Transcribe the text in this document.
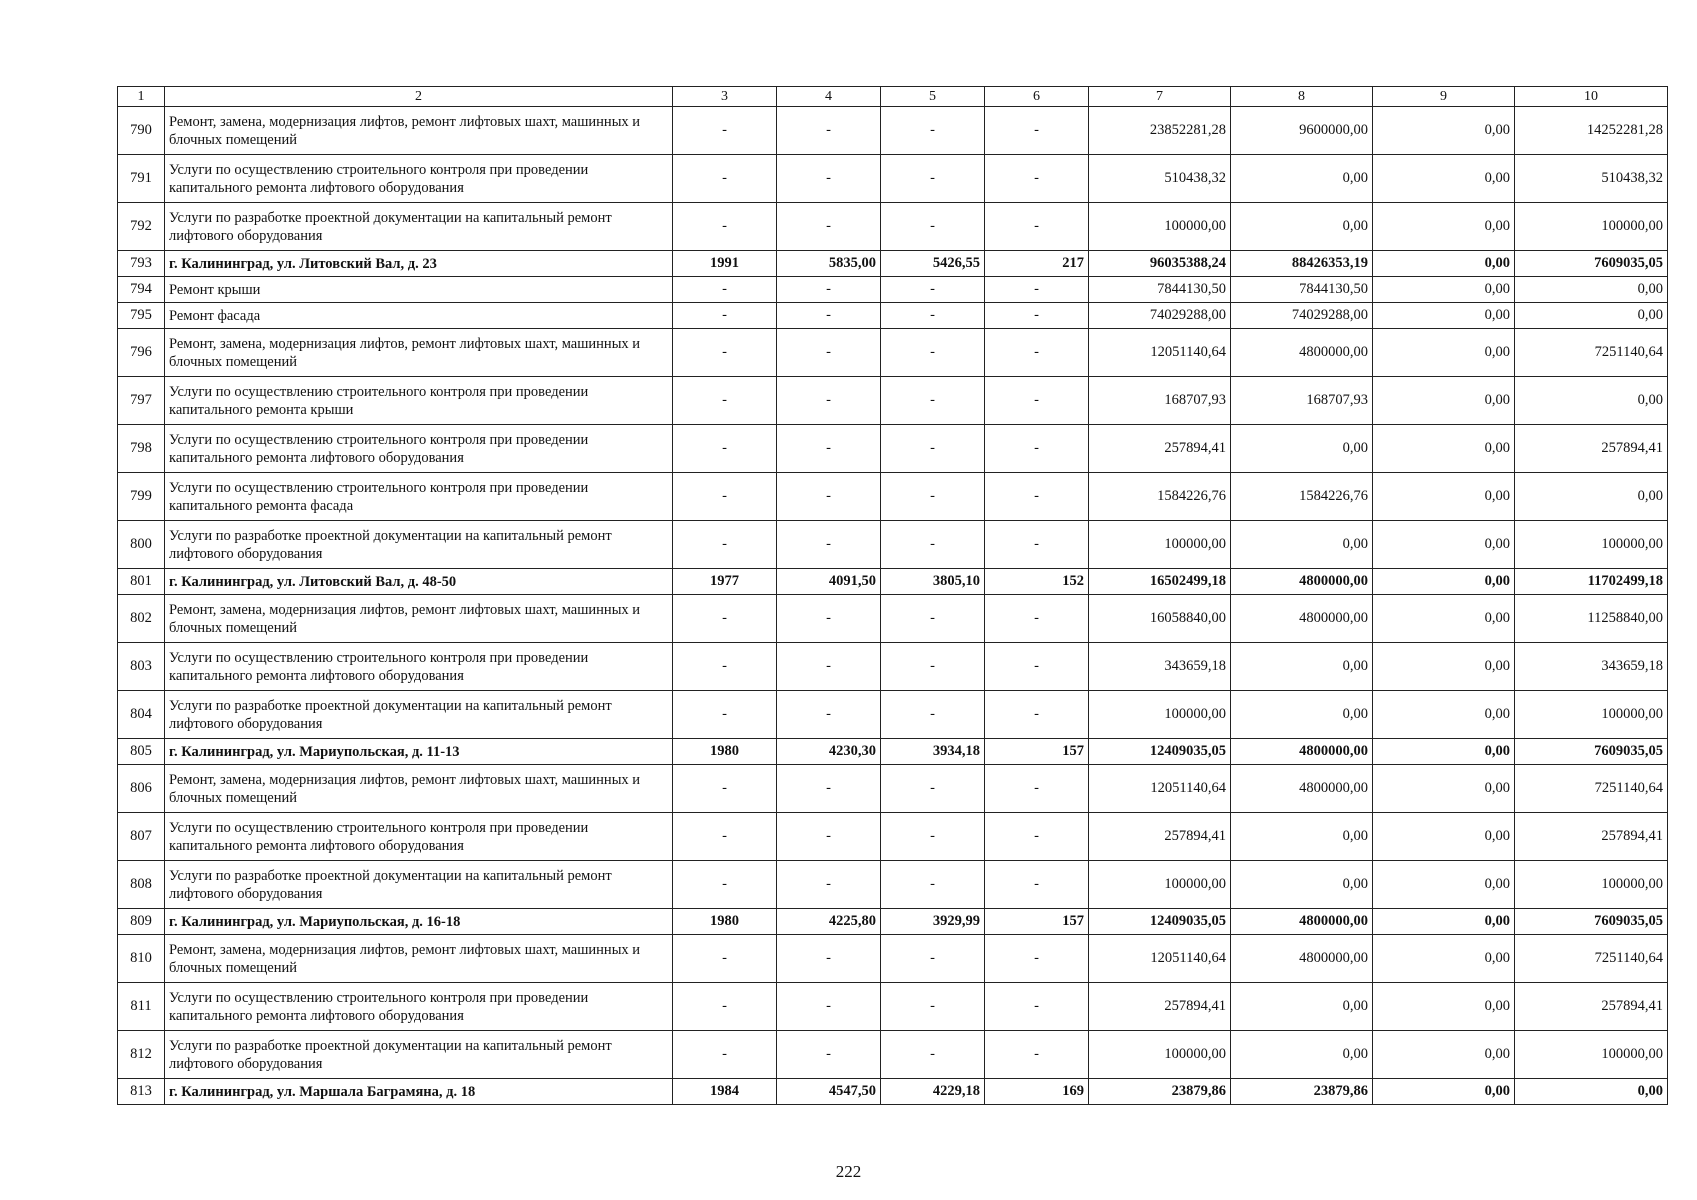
1	2	3	4	5	6	7	8	9	10
790	Ремонт, замена, модернизация лифтов, ремонт лифтовых шахт, машинных и блочных помещений	-	-	-	-	23852281,28	9600000,00	0,00	14252281,28
791	Услуги по осуществлению строительного контроля при проведении капитального ремонта лифтового оборудования	-	-	-	-	510438,32	0,00	0,00	510438,32
792	Услуги по разработке проектной документации на капитальный ремонт лифтового оборудования	-	-	-	-	100000,00	0,00	0,00	100000,00
793	г. Калининград, ул. Литовский Вал, д. 23	1991	5835,00	5426,55	217	96035388,24	88426353,19	0,00	7609035,05
794	Ремонт крыши	-	-	-	-	7844130,50	7844130,50	0,00	0,00
795	Ремонт фасада	-	-	-	-	74029288,00	74029288,00	0,00	0,00
796	Ремонт, замена, модернизация лифтов, ремонт лифтовых шахт, машинных и блочных помещений	-	-	-	-	12051140,64	4800000,00	0,00	7251140,64
797	Услуги по осуществлению строительного контроля при проведении капитального ремонта крыши	-	-	-	-	168707,93	168707,93	0,00	0,00
798	Услуги по осуществлению строительного контроля при проведении капитального ремонта лифтового оборудования	-	-	-	-	257894,41	0,00	0,00	257894,41
799	Услуги по осуществлению строительного контроля при проведении капитального ремонта фасада	-	-	-	-	1584226,76	1584226,76	0,00	0,00
800	Услуги по разработке проектной документации на капитальный ремонт лифтового оборудования	-	-	-	-	100000,00	0,00	0,00	100000,00
801	г. Калининград, ул. Литовский Вал, д. 48-50	1977	4091,50	3805,10	152	16502499,18	4800000,00	0,00	11702499,18
802	Ремонт, замена, модернизация лифтов, ремонт лифтовых шахт, машинных и блочных помещений	-	-	-	-	16058840,00	4800000,00	0,00	11258840,00
803	Услуги по осуществлению строительного контроля при проведении капитального ремонта лифтового оборудования	-	-	-	-	343659,18	0,00	0,00	343659,18
804	Услуги по разработке проектной документации на капитальный ремонт лифтового оборудования	-	-	-	-	100000,00	0,00	0,00	100000,00
805	г. Калининград, ул. Мариупольская, д. 11-13	1980	4230,30	3934,18	157	12409035,05	4800000,00	0,00	7609035,05
806	Ремонт, замена, модернизация лифтов, ремонт лифтовых шахт, машинных и блочных помещений	-	-	-	-	12051140,64	4800000,00	0,00	7251140,64
807	Услуги по осуществлению строительного контроля при проведении капитального ремонта лифтового оборудования	-	-	-	-	257894,41	0,00	0,00	257894,41
808	Услуги по разработке проектной документации на капитальный ремонт лифтового оборудования	-	-	-	-	100000,00	0,00	0,00	100000,00
809	г. Калининград, ул. Мариупольская, д. 16-18	1980	4225,80	3929,99	157	12409035,05	4800000,00	0,00	7609035,05
810	Ремонт, замена, модернизация лифтов, ремонт лифтовых шахт, машинных и блочных помещений	-	-	-	-	12051140,64	4800000,00	0,00	7251140,64
811	Услуги по осуществлению строительного контроля при проведении капитального ремонта лифтового оборудования	-	-	-	-	257894,41	0,00	0,00	257894,41
812	Услуги по разработке проектной документации на капитальный ремонт лифтового оборудования	-	-	-	-	100000,00	0,00	0,00	100000,00
813	г. Калининград, ул. Маршала Баграмяна, д. 18	1984	4547,50	4229,18	169	23879,86	23879,86	0,00	0,00
222
